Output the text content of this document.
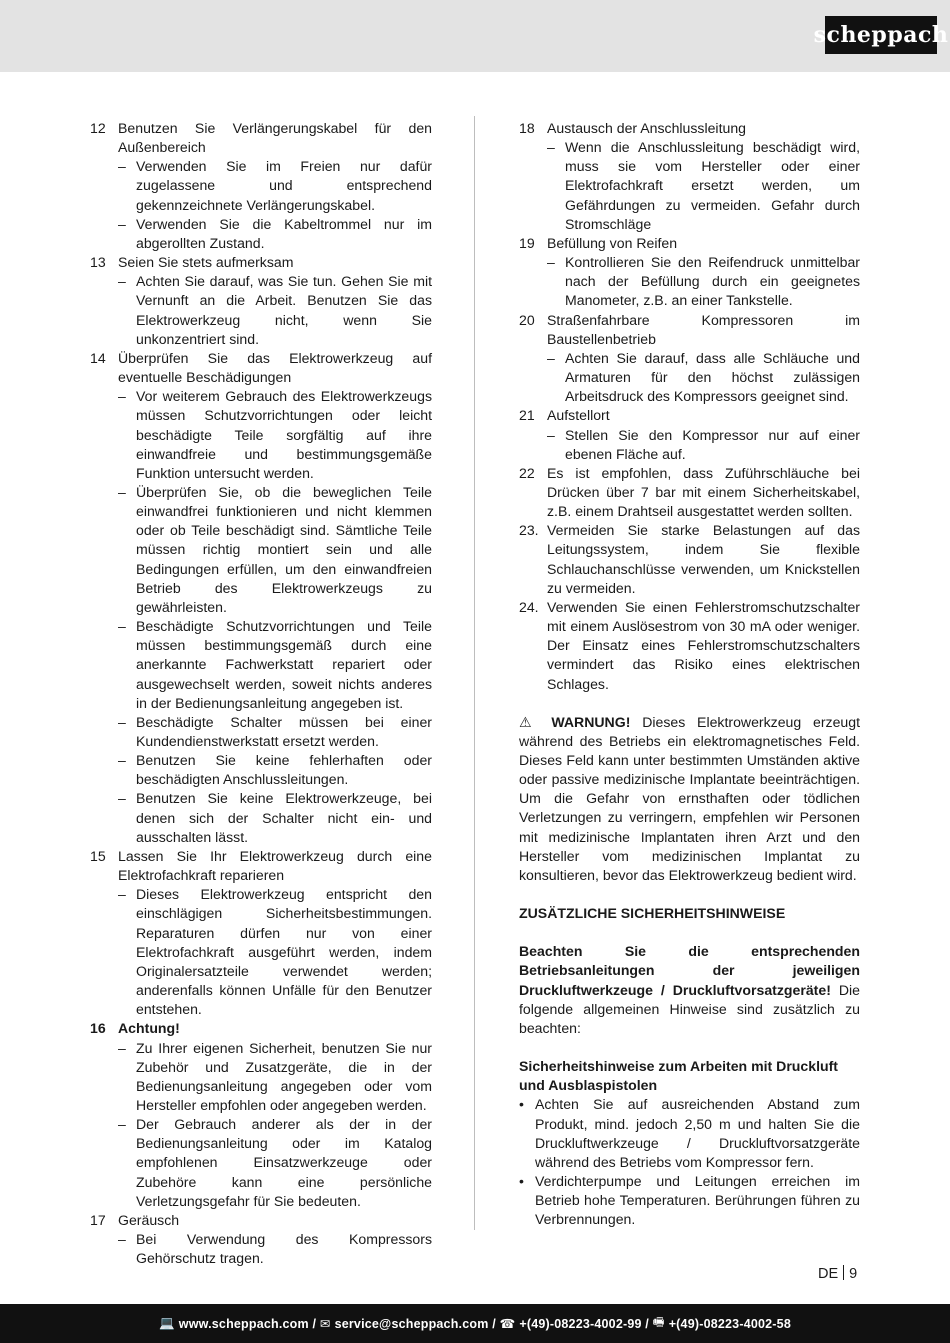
scheppach
12 Benutzen Sie Verlängerungskabel für den Außenbereich
– Verwenden Sie im Freien nur dafür zugelassene und entsprechend gekennzeichnete Verlängerungskabel.
– Verwenden Sie die Kabeltrommel nur im abgerollten Zustand.
13 Seien Sie stets aufmerksam
– Achten Sie darauf, was Sie tun. Gehen Sie mit Vernunft an die Arbeit. Benutzen Sie das Elektrowerkzeug nicht, wenn Sie unkonzentriert sind.
14 Überprüfen Sie das Elektrowerkzeug auf eventuelle Beschädigungen
– Vor weiterem Gebrauch des Elektrowerkzeugs müssen Schutzvorrichtungen oder leicht beschädigte Teile sorgfältig auf ihre einwandfreie und bestimmungsgemäße Funktion untersucht werden.
– Überprüfen Sie, ob die beweglichen Teile einwandfrei funktionieren und nicht klemmen oder ob Teile beschädigt sind. Sämtliche Teile müssen richtig montiert sein und alle Bedingungen erfüllen, um den einwandfreien Betrieb des Elektrowerkzeugs zu gewährleisten.
– Beschädigte Schutzvorrichtungen und Teile müssen bestimmungsgemäß durch eine anerkannte Fachwerkstatt repariert oder ausgewechselt werden, soweit nichts anderes in der Bedienungsanleitung angegeben ist.
– Beschädigte Schalter müssen bei einer Kundendienstwerkstatt ersetzt werden.
– Benutzen Sie keine fehlerhaften oder beschädigten Anschlussleitungen.
– Benutzen Sie keine Elektrowerkzeuge, bei denen sich der Schalter nicht ein- und ausschalten lässt.
15 Lassen Sie Ihr Elektrowerkzeug durch eine Elektrofachkraft reparieren
– Dieses Elektrowerkzeug entspricht den einschlägigen Sicherheitsbestimmungen. Reparaturen dürfen nur von einer Elektrofachkraft ausgeführt werden, indem Originalersatzteile verwendet werden; anderenfalls können Unfälle für den Benutzer entstehen.
16 Achtung!
– Zu Ihrer eigenen Sicherheit, benutzen Sie nur Zubehör und Zusatzgeräte, die in der Bedienungsanleitung angegeben oder vom Hersteller empfohlen oder angegeben werden.
– Der Gebrauch anderer als der in der Bedienungsanleitung oder im Katalog empfohlenen Einsatzwerkzeuge oder Zubehöre kann eine persönliche Verletzungsgefahr für Sie bedeuten.
17 Geräusch
– Bei Verwendung des Kompressors Gehörschutz tragen.
18 Austausch der Anschlussleitung
– Wenn die Anschlussleitung beschädigt wird, muss sie vom Hersteller oder einer Elektrofachkraft ersetzt werden, um Gefährdungen zu vermeiden. Gefahr durch Stromschläge
19 Befüllung von Reifen
– Kontrollieren Sie den Reifendruck unmittelbar nach der Befüllung durch ein geeignetes Manometer, z.B. an einer Tankstelle.
20 Straßenfahrbare Kompressoren im Baustellenbetrieb
– Achten Sie darauf, dass alle Schläuche und Armaturen für den höchst zulässigen Arbeitsdruck des Kompressors geeignet sind.
21 Aufstellort
– Stellen Sie den Kompressor nur auf einer ebenen Fläche auf.
22 Es ist empfohlen, dass Zuführschläuche bei Drücken über 7 bar mit einem Sicherheitskabel, z.B. einem Drahtseil ausgestattet werden sollten.
23. Vermeiden Sie starke Belastungen auf das Leitungssystem, indem Sie flexible Schlauchanschlüsse verwenden, um Knickstellen zu vermeiden.
24. Verwenden Sie einen Fehlerstromschutzschalter mit einem Auslösestrom von 30 mA oder weniger. Der Einsatz eines Fehlerstromschutzschalters vermindert das Risiko eines elektrischen Schlages.
⚠ WARNUNG! Dieses Elektrowerkzeug erzeugt während des Betriebs ein elektromagnetisches Feld. Dieses Feld kann unter bestimmten Umständen aktive oder passive medizinische Implantate beeinträchtigen. Um die Gefahr von ernsthaften oder tödlichen Verletzungen zu verringern, empfehlen wir Personen mit medizinische Implantaten ihren Arzt und den Hersteller vom medizinischen Implantat zu konsultieren, bevor das Elektrowerkzeug bedient wird.
ZUSÄTZLICHE SICHERHEITSHINWEISE
Beachten Sie die entsprechenden Betriebsanleitungen der jeweiligen Druckluftwerkzeuge / Druckluftvorsatzgeräte! Die folgende allgemeinen Hinweise sind zusätzlich zu beachten:
Sicherheitshinweise zum Arbeiten mit Druckluft und Ausblaspistolen
• Achten Sie auf ausreichenden Abstand zum Produkt, mind. jedoch 2,50 m und halten Sie die Druckluftwerkzeuge / Druckluftvorsatzgeräte während des Betriebs vom Kompressor fern.
• Verdichterpumpe und Leitungen erreichen im Betrieb hohe Temperaturen. Berührungen führen zu Verbrennungen.
DE 9
💻 www.scheppach.com /
✉ service@scheppach.com /
☎ +(49)-08223-4002-99 /
🖷 +(49)-08223-4002-58
